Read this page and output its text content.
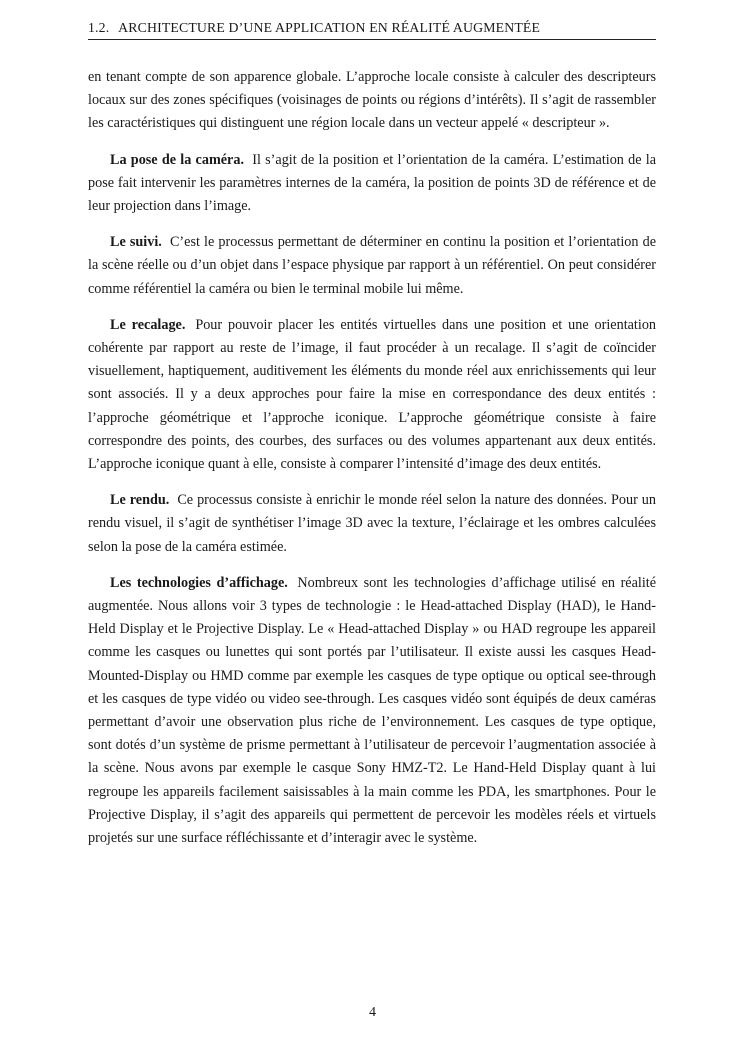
1.2. ARCHITECTURE D’UNE APPLICATION EN RÉALITÉ AUGMENTÉE

en tenant compte de son apparence globale. L’approche locale consiste à calculer des descripteurs locaux sur des zones spécifiques (voisinages de points ou régions d’intérêts). Il s’agit de rassembler les caractéristiques qui distinguent une région locale dans un vecteur appelé « descripteur ».

La pose de la caméra. Il s’agit de la position et l’orientation de la caméra. L’estimation de la pose fait intervenir les paramètres internes de la caméra, la position de points 3D de référence et de leur projection dans l’image.

Le suivi. C’est le processus permettant de déterminer en continu la position et l’orientation de la scène réelle ou d’un objet dans l’espace physique par rapport à un référentiel. On peut considérer comme référentiel la caméra ou bien le terminal mobile lui même.

Le recalage. Pour pouvoir placer les entités virtuelles dans une position et une orientation cohérente par rapport au reste de l’image, il faut procéder à un recalage. Il s’agit de coïncider visuellement, haptiquement, auditivement les éléments du monde réel aux enrichissements qui leur sont associés. Il y a deux approches pour faire la mise en correspondance des deux entités : l’approche géométrique et l’approche iconique. L’approche géométrique consiste à faire correspondre des points, des courbes, des surfaces ou des volumes appartenant aux deux entités. L’approche iconique quant à elle, consiste à comparer l’intensité d’image des deux entités.

Le rendu. Ce processus consiste à enrichir le monde réel selon la nature des données. Pour un rendu visuel, il s’agit de synthétiser l’image 3D avec la texture, l’éclairage et les ombres calculées selon la pose de la caméra estimée.

Les technologies d’affichage. Nombreux sont les technologies d’affichage utilisé en réalité augmentée. Nous allons voir 3 types de technologie : le Head-attached Display (HAD), le Hand-Held Display et le Projective Display. Le « Head-attached Display » ou HAD regroupe les appareil comme les casques ou lunettes qui sont portés par l’utilisateur. Il existe aussi les casques Head-Mounted-Display ou HMD comme par exemple les casques de type optique ou optical see-through et les casques de type vidéo ou video see-through. Les casques vidéo sont équipés de deux caméras permettant d’avoir une observation plus riche de l’environnement. Les casques de type optique, sont dotés d’un système de prisme permettant à l’utilisateur de percevoir l’augmentation associée à la scène. Nous avons par exemple le casque Sony HMZ-T2. Le Hand-Held Display quant à lui regroupe les appareils facilement saisissables à la main comme les PDA, les smartphones. Pour le Projective Display, il s’agit des appareils qui permettent de percevoir les modèles réels et virtuels projetés sur une surface réfléchissante et d’interagir avec le système.

4
